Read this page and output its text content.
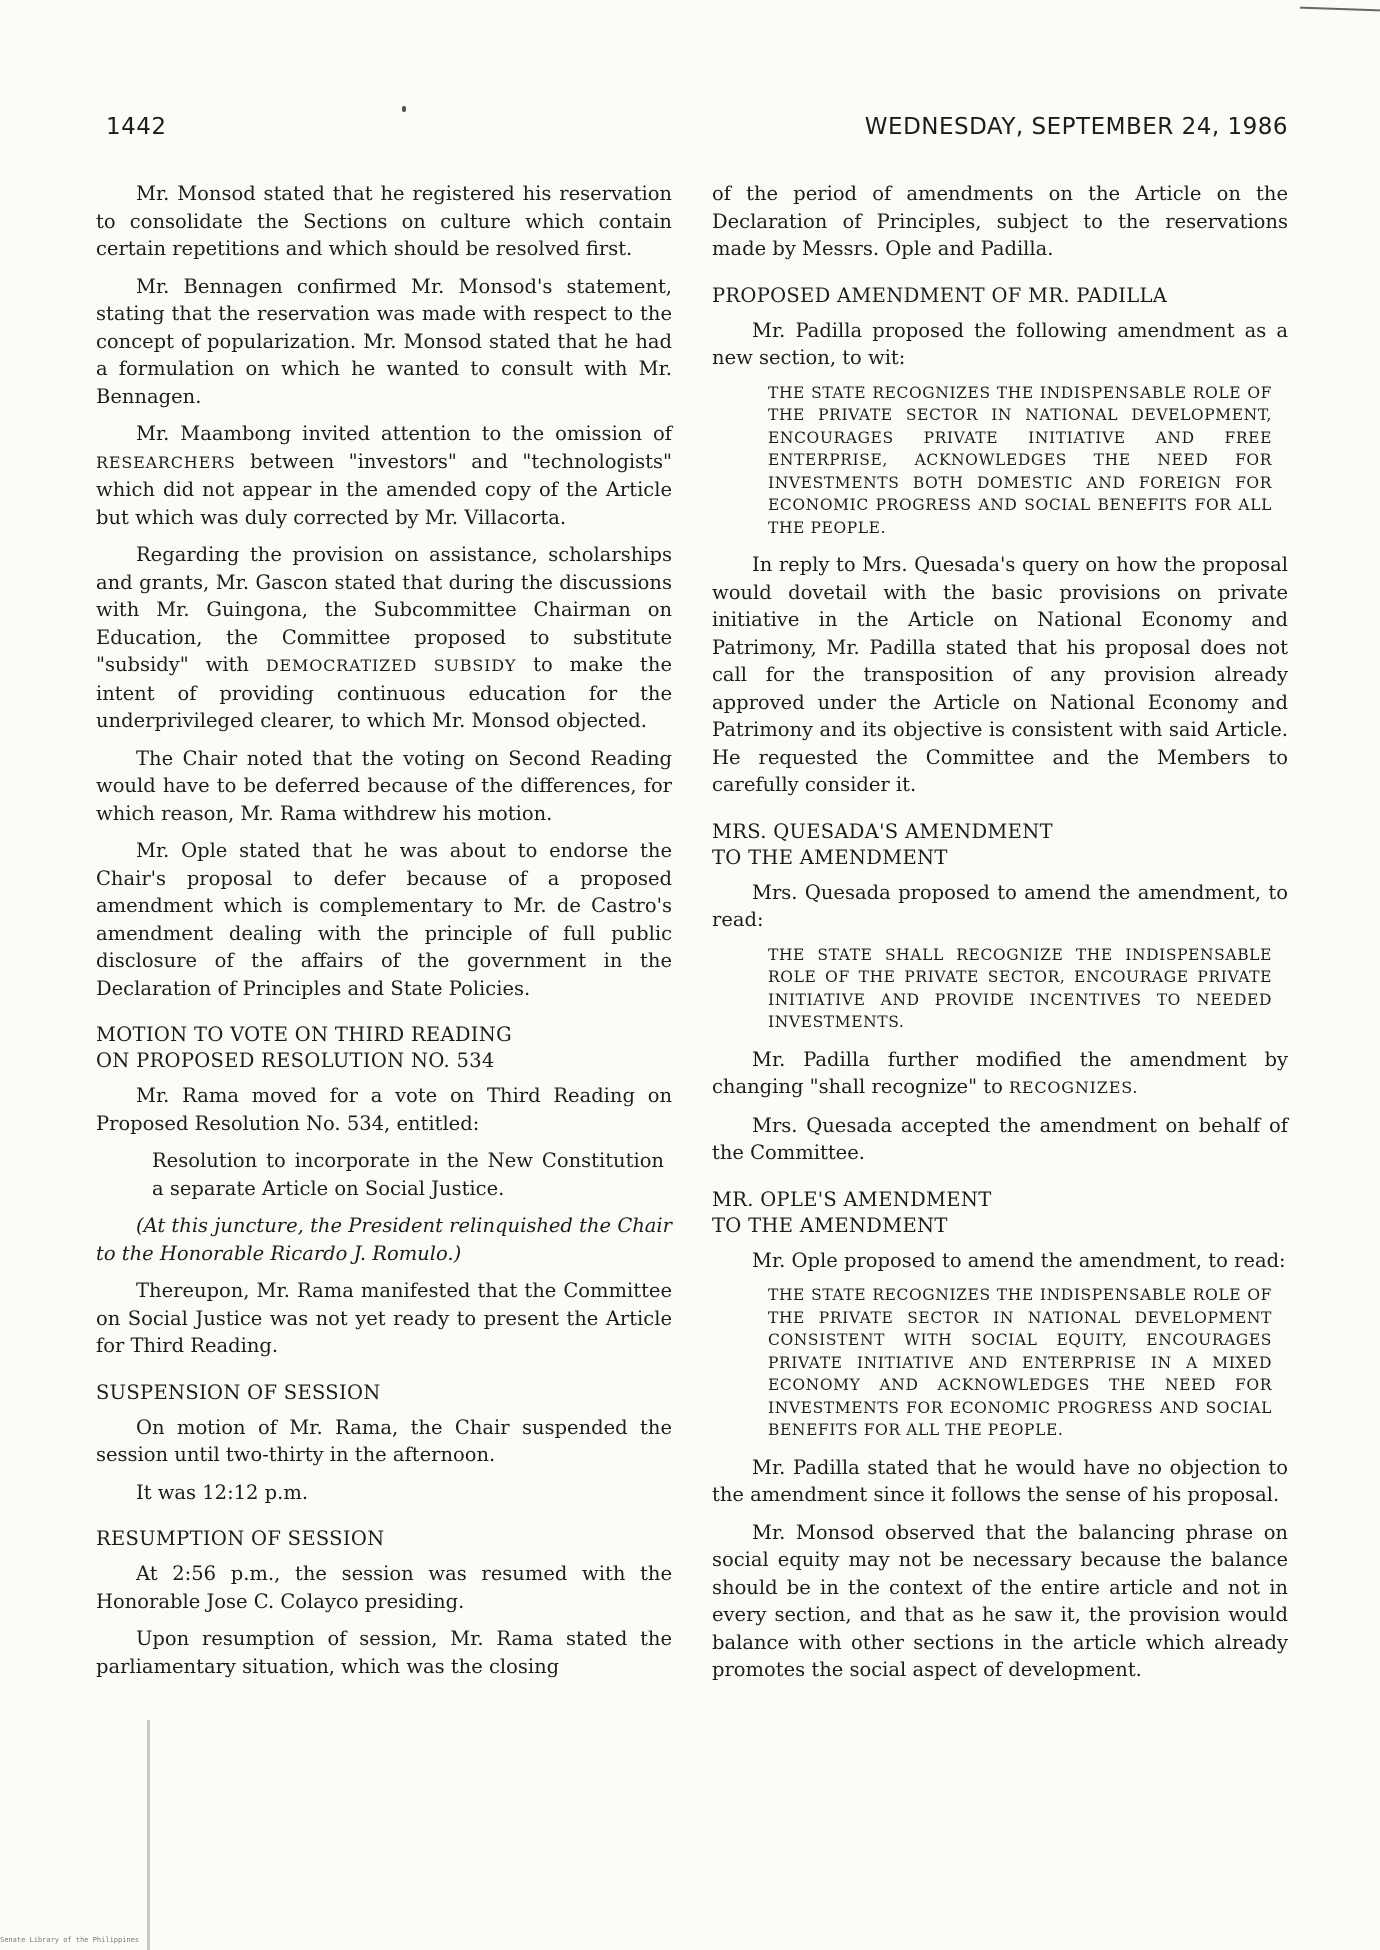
1442	WEDNESDAY, SEPTEMBER 24, 1986

Mr. Monsod stated that he registered his reservation to consolidate the Sections on culture which contain certain repetitions and which should be resolved first.

Mr. Bennagen confirmed Mr. Monsod's statement, stating that the reservation was made with respect to the concept of popularization. Mr. Monsod stated that he had a formulation on which he wanted to consult with Mr. Bennagen.

Mr. Maambong invited attention to the omission of RESEARCHERS between "investors" and "technologists" which did not appear in the amended copy of the Article but which was duly corrected by Mr. Villacorta.

Regarding the provision on assistance, scholarships and grants, Mr. Gascon stated that during the discussions with Mr. Guingona, the Subcommittee Chairman on Education, the Committee proposed to substitute "subsidy" with DEMOCRATIZED SUBSIDY to make the intent of providing continuous education for the underprivileged clearer, to which Mr. Monsod objected.

The Chair noted that the voting on Second Reading would have to be deferred because of the differences, for which reason, Mr. Rama withdrew his motion.

Mr. Ople stated that he was about to endorse the Chair's proposal to defer because of a proposed amendment which is complementary to Mr. de Castro's amendment dealing with the principle of full public disclosure of the affairs of the government in the Declaration of Principles and State Policies.

MOTION TO VOTE ON THIRD READING
ON PROPOSED RESOLUTION NO. 534

Mr. Rama moved for a vote on Third Reading on Proposed Resolution No. 534, entitled:

Resolution to incorporate in the New Constitution a separate Article on Social Justice.

(At this juncture, the President relinquished the Chair to the Honorable Ricardo J. Romulo.)

Thereupon, Mr. Rama manifested that the Committee on Social Justice was not yet ready to present the Article for Third Reading.

SUSPENSION OF SESSION

On motion of Mr. Rama, the Chair suspended the session until two-thirty in the afternoon.

It was 12:12 p.m.

RESUMPTION OF SESSION

At 2:56 p.m., the session was resumed with the Honorable Jose C. Colayco presiding.

Upon resumption of session, Mr. Rama stated the parliamentary situation, which was the closing

of the period of amendments on the Article on the Declaration of Principles, subject to the reservations made by Messrs. Ople and Padilla.

PROPOSED AMENDMENT OF MR. PADILLA

Mr. Padilla proposed the following amendment as a new section, to wit:

THE STATE RECOGNIZES THE INDISPENSABLE ROLE OF THE PRIVATE SECTOR IN NATIONAL DEVELOPMENT, ENCOURAGES PRIVATE INITIATIVE AND FREE ENTERPRISE, ACKNOWLEDGES THE NEED FOR INVESTMENTS BOTH DOMESTIC AND FOREIGN FOR ECONOMIC PROGRESS AND SOCIAL BENEFITS FOR ALL THE PEOPLE.

In reply to Mrs. Quesada's query on how the proposal would dovetail with the basic provisions on private initiative in the Article on National Economy and Patrimony, Mr. Padilla stated that his proposal does not call for the transposition of any provision already approved under the Article on National Economy and Patrimony and its objective is consistent with said Article. He requested the Committee and the Members to carefully consider it.

MRS. QUESADA'S AMENDMENT
TO THE AMENDMENT

Mrs. Quesada proposed to amend the amendment, to read:

THE STATE SHALL RECOGNIZE THE INDISPENSABLE ROLE OF THE PRIVATE SECTOR, ENCOURAGE PRIVATE INITIATIVE AND PROVIDE INCENTIVES TO NEEDED INVESTMENTS.

Mr. Padilla further modified the amendment by changing "shall recognize" to RECOGNIZES.

Mrs. Quesada accepted the amendment on behalf of the Committee.

MR. OPLE'S AMENDMENT
TO THE AMENDMENT

Mr. Ople proposed to amend the amendment, to read:

THE STATE RECOGNIZES THE INDISPENSABLE ROLE OF THE PRIVATE SECTOR IN NATIONAL DEVELOPMENT CONSISTENT WITH SOCIAL EQUITY, ENCOURAGES PRIVATE INITIATIVE AND ENTERPRISE IN A MIXED ECONOMY AND ACKNOWLEDGES THE NEED FOR INVESTMENTS FOR ECONOMIC PROGRESS AND SOCIAL BENEFITS FOR ALL THE PEOPLE.

Mr. Padilla stated that he would have no objection to the amendment since it follows the sense of his proposal.

Mr. Monsod observed that the balancing phrase on social equity may not be necessary because the balance should be in the context of the entire article and not in every section, and that as he saw it, the provision would balance with other sections in the article which already promotes the social aspect of development.

Senate Library of the Philippines
